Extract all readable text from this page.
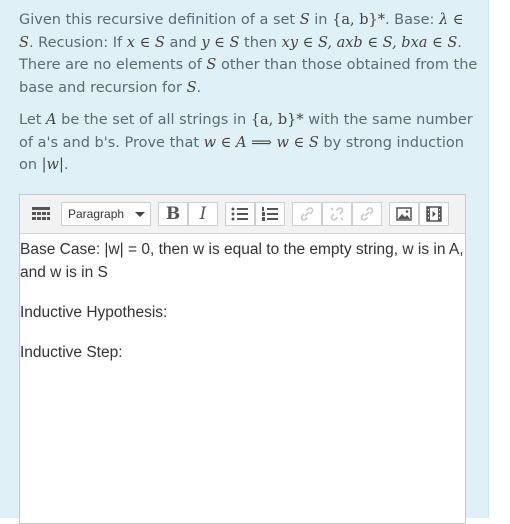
Given this recursive definition of a set S in {a, b}*. Base: λ ∈ S. Recusion: If x ∈ S and y ∈ S then xy ∈ S, axb ∈ S, bxa ∈ S. There are no elements of S other than those obtained from the base and recursion for S.

Let A be the set of all strings in {a, b}* with the same number of a's and b's. Prove that w ∈ A ⟹ w ∈ S by strong induction on |w|.

Paragraph	B I

Base Case: |w| = 0, then w is equal to the empty string, w is in A, and w is in S

Inductive Hypothesis:

Inductive Step:
